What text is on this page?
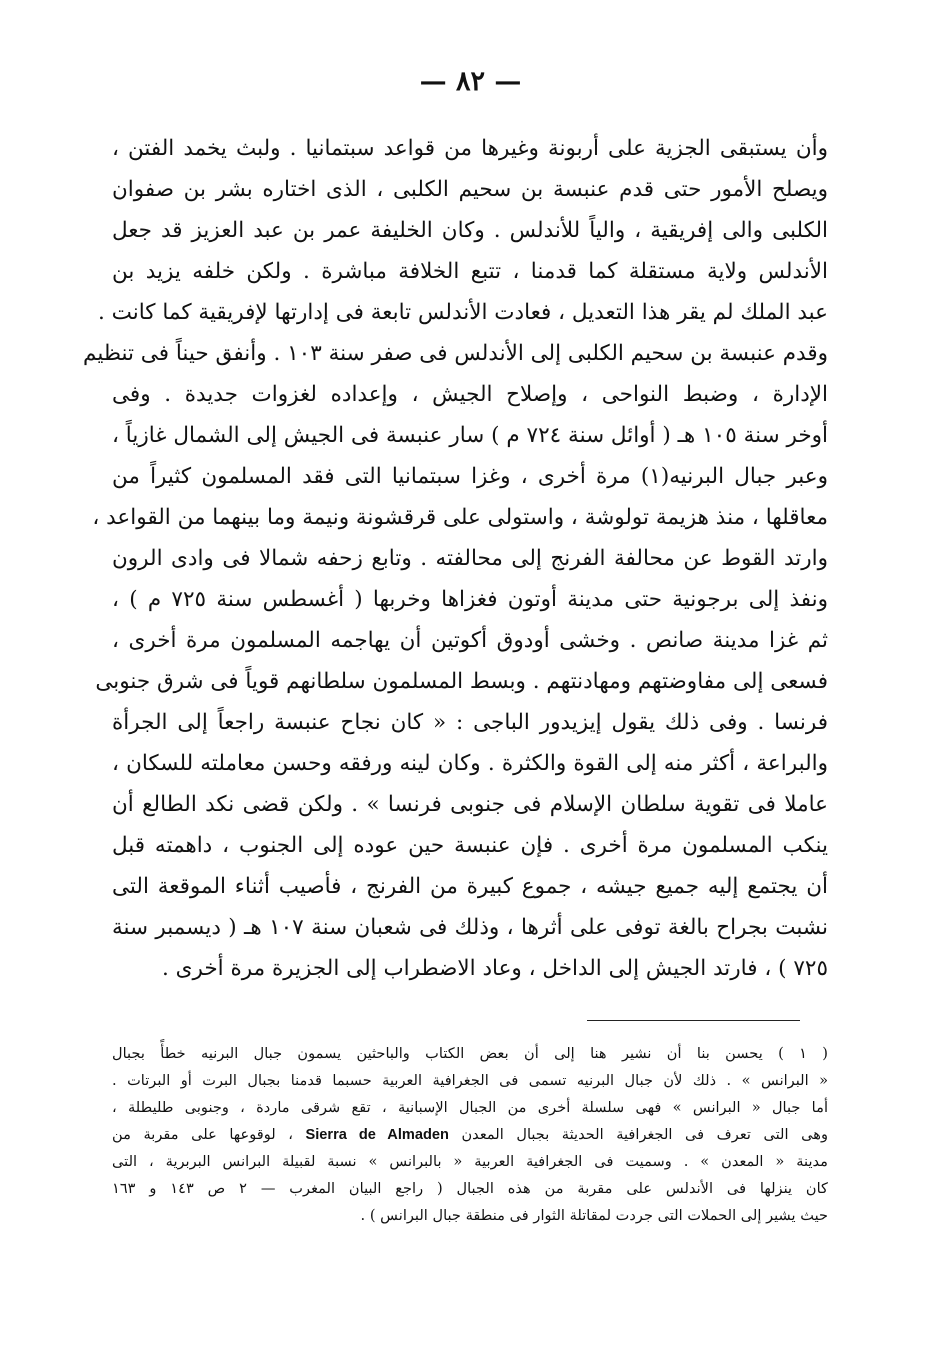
— ٨٢ —
وأن يستبقى الجزية على أربونة وغيرها من قواعد سبتمانيا . ولبث يخمد الفتن ،
ويصلح الأمور حتى قدم عنبسة بن سحيم الكلبى ، الذى اختاره بشر بن صفوان
الكلبى والى إفريقية ، والياً للأندلس . وكان الخليفة عمر بن عبد العزيز قد جعل
الأندلس ولاية مستقلة كما قدمنا ، تتبع الخلافة مباشرة . ولكن خلفه يزيد بن
عبد الملك لم يقر هذا التعديل ، فعادت الأندلس تابعة فى إدارتها لإفريقية كما كانت .
وقدم عنبسة بن سحيم الكلبى إلى الأندلس فى صفر سنة ١٠٣ . وأنفق حيناً فى تنظيم
الإدارة ، وضبط النواحى ، وإصلاح الجيش ، وإعداده لغزوات جديدة . وفى
أوخر سنة ١٠٥ هـ ( أوائل سنة ٧٢٤ م ) سار عنبسة فى الجيش إلى الشمال غازياً ،
وعبر جبال البرنيه(١) مرة أخرى ، وغزا سبتمانيا التى فقد المسلمون كثيراً من
معاقلها ، منذ هزيمة تولوشة ، واستولى على قرقشونة ونيمة وما بينهما من القواعد ،
وارتد القوط عن محالفة الفرنج إلى محالفته . وتابع زحفه شمالا فى وادى الرون
ونفذ إلى برجونية حتى مدينة أوتون فغزاها وخربها ( أغسطس سنة ٧٢٥ م ) ،
ثم غزا مدينة صانص . وخشى أودوق أكوتين أن يهاجمه المسلمون مرة أخرى ،
فسعى إلى مفاوضتهم ومهادنتهم . وبسط المسلمون سلطانهم قوياً فى شرق جنوبى
فرنسا . وفى ذلك يقول إيزيدور الباجى : « كان نجاح عنبسة راجعاً إلى الجرأة
والبراعة ، أكثر منه إلى القوة والكثرة . وكان لينه ورفقه وحسن معاملته للسكان ،
عاملا فى تقوية سلطان الإسلام فى جنوبى فرنسا » . ولكن قضى نكد الطالع أن
ينكب المسلمون مرة أخرى . فإن عنبسة حين عوده إلى الجنوب ، داهمته قبل
أن يجتمع إليه جميع جيشه ، جموع كبيرة من الفرنج ، فأصيب أثناء الموقعة التى
نشبت بجراح بالغة توفى على أثرها ، وذلك فى شعبان سنة ١٠٧ هـ ( ديسمبر سنة
٧٢٥ ) ، فارتد الجيش إلى الداخل ، وعاد الاضطراب إلى الجزيرة مرة أخرى .
( ١ ) يحسن بنا أن نشير هنا إلى أن بعض الكتاب والباحثين يسمون جبال البرنيه خطأً بجبال
« البرانس » . ذلك لأن جبال البرنيه تسمى فى الجغرافية العربية حسبما قدمنا بجبال البرت أو البرتات .
أما جبال « البرانس » فهى سلسلة أخرى من الجبال الإسبانية ، تقع شرقى ماردة ، وجنوبى طليطلة ،
وهى التى تعرف فى الجغرافية الحديثة بجبال المعدن Sierra de Almaden ، لوقوعها على مقربة من
مدينة « المعدن » . وسميت فى الجغرافية العربية « بالبرانس » نسبة لقبيلة البرانس البربرية ، التى
كان ينزلها فى الأندلس على مقربة من هذه الجبال ( راجع البيان المغرب — ٢ ص ١٤٣ و ١٦٣
حيث يشير إلى الحملات التى جردت لمقاتلة الثوار فى منطقة جبال البرانس ) .
